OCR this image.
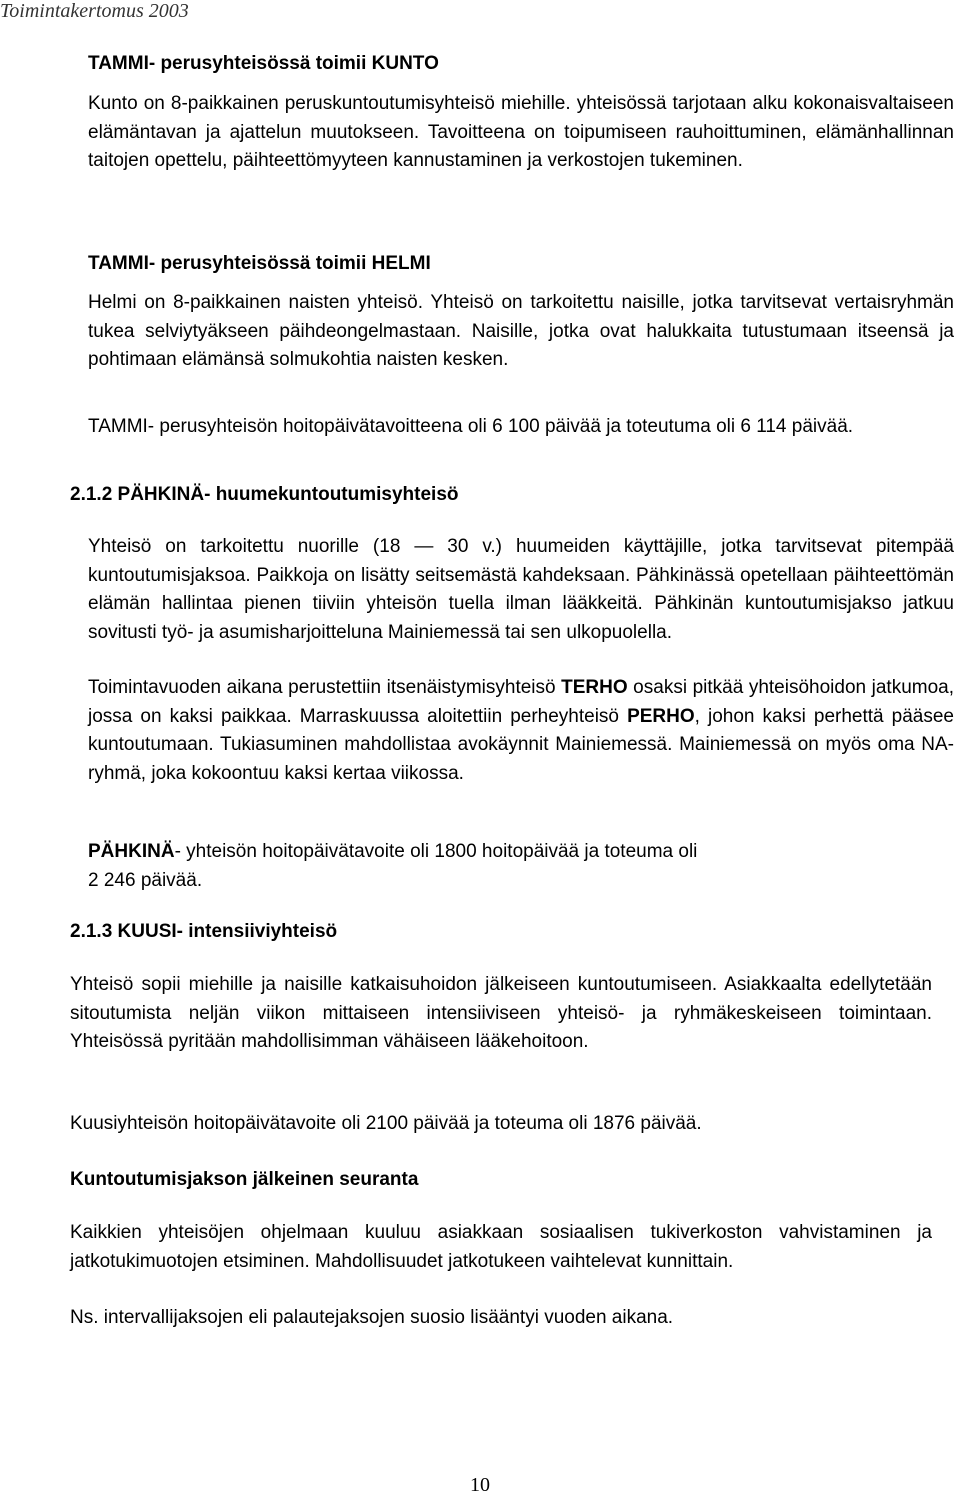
Toimintakertomus 2003
TAMMI- perusyhteisössä toimii KUNTO

Kunto on 8-paikkainen peruskuntoutumisyhteisö miehille. yhteisössä tarjotaan alku kokonaisvaltaiseen elämäntavan ja ajattelun muutokseen. Tavoitteena on toipumiseen rauhoittuminen, elämänhallinnan taitojen opettelu, päihteettömyyteen kannustaminen ja verkostojen tukeminen.

TAMMI- perusyhteisössä toimii HELMI

Helmi on 8-paikkainen naisten yhteisö. Yhteisö on tarkoitettu naisille, jotka tarvitsevat vertaisryhmän tukea selviytyäkseen päihdeongelmastaan. Naisille, jotka ovat halukkaita tutustumaan itseensä ja pohtimaan elämänsä solmukohtia naisten kesken.

TAMMI- perusyhteisön hoitopäivätavoitteena oli 6 100 päivää ja toteutuma oli 6 114 päivää.

2.1.2 PÄHKINÄ- huumekuntoutumisyhteisö

Yhteisö on tarkoitettu nuorille (18 — 30 v.) huumeiden käyttäjille, jotka tarvitsevat pitempää kuntoutumisjaksoa. Paikkoja on lisätty seitsemästä kahdeksaan. Pähkinässä opetellaan päihteettömän elämän hallintaa pienen tiiviin yhteisön tuella ilman lääkkeitä. Pähkinän kuntoutumisjakso jatkuu sovitusti työ- ja asumisharjoitteluna Mainiemessä tai sen ulkopuolella.

Toimintavuoden aikana perustettiin itsenäistymisyhteisö TERHO osaksi pitkää yhteisöhoidon jatkumoa, jossa on kaksi paikkaa. Marraskuussa aloitettiin perheyhteisö PERHO, johon kaksi perhettä pääsee kuntoutumaan. Tukiasuminen mahdollistaa avokäynnit Mainiemessä. Mainiemessä on myös oma NA- ryhmä, joka kokoontuu kaksi kertaa viikossa.

PÄHKINÄ- yhteisön hoitopäivätavoite oli 1800 hoitopäivää ja toteuma oli
2 246 päivää.

2.1.3 KUUSI- intensiiviyhteisö

Yhteisö sopii miehille ja naisille katkaisuhoidon jälkeiseen kuntoutumiseen. Asiakkaalta edellytetään sitoutumista neljän viikon mittaiseen intensiiviseen yhteisö- ja ryhmäkeskeiseen toimintaan. Yhteisössä pyritään mahdollisimman vähäiseen lääkehoitoon.

Kuusiyhteisön hoitopäivätavoite oli 2100 päivää ja toteuma oli 1876 päivää.

Kuntoutumisjakson jälkeinen seuranta

Kaikkien yhteisöjen ohjelmaan kuuluu asiakkaan sosiaalisen tukiverkoston vahvistaminen ja jatkotukimuotojen etsiminen. Mahdollisuudet jatkotukeen vaihtelevat kunnittain.

Ns. intervallijaksojen eli palautejaksojen suosio lisääntyi vuoden aikana.

10
